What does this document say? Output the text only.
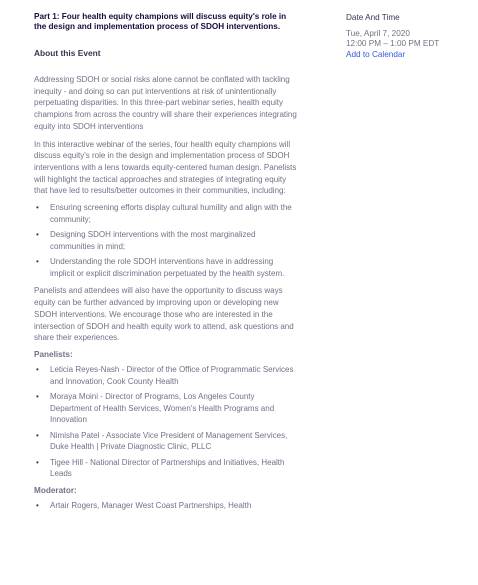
Part 1: Four health equity champions will discuss equity's role in the design and implementation process of SDOH interventions.
About this Event

Addressing SDOH or social risks alone cannot be conflated with tackling inequity - and doing so can put interventions at risk of unintentionally perpetuating disparities. In this three-part webinar series, health equity champions from across the country will share their experiences integrating equity into SDOH interventions

In this interactive webinar of the series, four health equity champions will discuss equity's role in the design and implementation process of SDOH interventions with a lens towards equity-centered human design. Panelists will highlight the tactical approaches and strategies of integrating equity that have led to results/better outcomes in their communities, including:

• Ensuring screening efforts display cultural humility and align with the community;
• Designing SDOH interventions with the most marginalized communities in mind;
• Understanding the role SDOH interventions have in addressing implicit or explicit discrimination perpetuated by the health system.

Panelists and attendees will also have the opportunity to discuss ways equity can be further advanced by improving upon or developing new SDOH interventions. We encourage those who are interested in the intersection of SDOH and health equity work to attend, ask questions and share their experiences.

Panelists:
• Leticia Reyes-Nash - Director of the Office of Programmatic Services and Innovation, Cook County Health
• Moraya Moini - Director of Programs, Los Angeles County Department of Health Services, Women's Health Programs and Innovation
• Nimisha Patel - Associate Vice President of Management Services, Duke Health | Private Diagnostic Clinic, PLLC
• Tigee Hill - National Director of Partnerships and Initiatives, Health Leads
Moderator:
• Artair Rogers, Manager West Coast Partnerships, Health
Date And Time
Tue, April 7, 2020
12:00 PM – 1:00 PM EDT
Add to Calendar
